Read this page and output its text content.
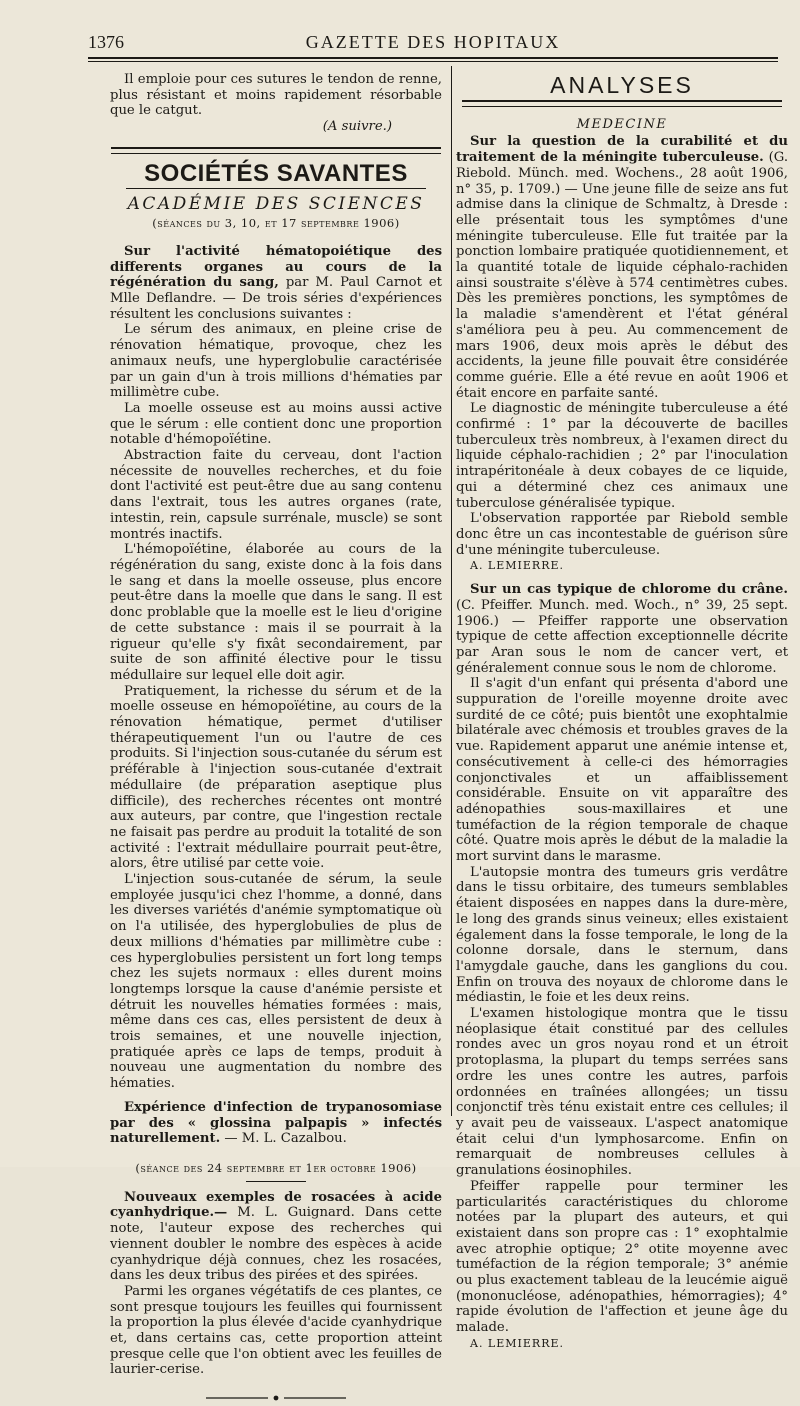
1376	GAZETTE DES HOPITAUX

Il emploie pour ces sutures le tendon de renne, plus résistant et moins rapidement résorbable que le catgut.

(A suivre.)

SOCIÉTÉS SAVANTES
ACADÉMIE DES SCIENCES
(séances du 3, 10, et 17 septembre 1906)

Sur l'activité hématopoiétique des differents organes au cours de la régénération du sang, par M. Paul Carnot et Mlle Deflandre. — De trois séries d'expériences résultent les conclusions suivantes :

Le sérum des animaux, en pleine crise de rénovation hématique, provoque, chez les animaux neufs, une hyperglobulie caractérisée par un gain d'un à trois millions d'hématies par millimètre cube.

La moelle osseuse est au moins aussi active que le sérum : elle contient donc une proportion notable d'hémopoïétine.

Abstraction faite du cerveau, dont l'action nécessite de nouvelles recherches, et du foie dont l'activité est peut-être due au sang contenu dans l'extrait, tous les autres organes (rate, intestin, rein, capsule surrénale, muscle) se sont montrés inactifs.

L'hémopoïétine, élaborée au cours de la régénération du sang, existe donc à la fois dans le sang et dans la moelle osseuse, plus encore peut-être dans la moelle que dans le sang. Il est donc problable que la moelle est le lieu d'origine de cette substance : mais il se pourrait à la rigueur qu'elle s'y fixât secondairement, par suite de son affinité élective pour le tissu médullaire sur lequel elle doit agir.

Pratiquement, la richesse du sérum et de la moelle osseuse en hémopoïétine, au cours de la rénovation hématique, permet d'utiliser thérapeutiquement l'un ou l'autre de ces produits. Si l'injection sous-cutanée du sérum est préférable à l'injection sous-cutanée d'extrait médullaire (de préparation aseptique plus difficile), des recherches récentes ont montré aux auteurs, par contre, que l'ingestion rectale ne faisait pas perdre au produit la totalité de son activité : l'extrait médullaire pourrait peut-être, alors, être utilisé par cette voie.

L'injection sous-cutanée de sérum, la seule employée jusqu'ici chez l'homme, a donné, dans les diverses variétés d'anémie symptomatique où on l'a utilisée, des hyperglobulies de plus de deux millions d'hématies par millimètre cube : ces hyperglobulies persistent un fort long temps chez les sujets normaux : elles durent moins longtemps lorsque la cause d'anémie persiste et détruit les nouvelles hématies formées : mais, même dans ces cas, elles persistent de deux à trois semaines, et une nouvelle injection, pratiquée après ce laps de temps, produit à nouveau une augmentation du nombre des hématies.

Expérience d'infection de trypanosomiase par des « glossina palpapis » infectés naturellement. — M. L. Cazalbou.

(séance des 24 septembre et 1er octobre 1906)

Nouveaux exemples de rosacées à acide cyanhydrique.— M. L. Guignard. Dans cette note, l'auteur expose des recherches qui viennent doubler le nombre des espèces à acide cyanhydrique déjà connues, chez les rosacées, dans les deux tribus des pirées et des spirées.

Parmi les organes végétatifs de ces plantes, ce sont presque toujours les feuilles qui fournissent la proportion la plus élevée d'acide cyanhydrique et, dans certains cas, cette proportion atteint presque celle que l'on obtient avec les feuilles de laurier-cerise.

ANALYSES
MEDECINE

Sur la question de la curabilité et du traitement de la méningite tuberculeuse. (G. Riebold. Münch. med. Wochens., 28 août 1906, n° 35, p. 1709.) — Une jeune fille de seize ans fut admise dans la clinique de Schmaltz, à Dresde : elle présentait tous les symptômes d'une méningite tuberculeuse. Elle fut traitée par la ponction lombaire pratiquée quotidiennement, et la quantité totale de liquide céphalo-rachiden ainsi soustraite s'élève à 574 centimètres cubes. Dès les premières ponctions, les symptômes de la maladie s'amendèrent et l'état général s'améliora peu à peu. Au commencement de mars 1906, deux mois après le début des accidents, la jeune fille pouvait être considérée comme guérie. Elle a été revue en août 1906 et était encore en parfaite santé.

Le diagnostic de méningite tuberculeuse a été confirmé : 1° par la découverte de bacilles tuberculeux très nombreux, à l'examen direct du liquide céphalo-rachidien ; 2° par l'inoculation intrapéritonéale à deux cobayes de ce liquide, qui a déterminé chez ces animaux une tuberculose généralisée typique.

L'observation rapportée par Riebold semble donc être un cas incontestable de guérison sûre d'une méningite tuberculeuse.

A. LEMIERRE.

Sur un cas typique de chlorome du crâne. (C. Pfeiffer. Munch. med. Woch., n° 39, 25 sept. 1906.) — Pfeiffer rapporte une observation typique de cette affection exceptionnelle décrite par Aran sous le nom de cancer vert, et généralement connue sous le nom de chlorome.

Il s'agit d'un enfant qui présenta d'abord une suppuration de l'oreille moyenne droite avec surdité de ce côté; puis bientôt une exophtalmie bilatérale avec chémosis et troubles graves de la vue. Rapidement apparut une anémie intense et, consécutivement à celle-ci des hémorragies conjonctivales et un affaiblissement considérable. Ensuite on vit apparaître des adénopathies sous-maxillaires et une tuméfaction de la région temporale de chaque côté. Quatre mois après le début de la maladie la mort survint dans le marasme.

L'autopsie montra des tumeurs gris verdâtre dans le tissu orbitaire, des tumeurs semblables étaient disposées en nappes dans la dure-mère, le long des grands sinus veineux; elles existaient également dans la fosse temporale, le long de la colonne dorsale, dans le sternum, dans l'amygdale gauche, dans les ganglions du cou. Enfin on trouva des noyaux de chlorome dans le médiastin, le foie et les deux reins.

L'examen histologique montra que le tissu néoplasique était constitué par des cellules rondes avec un gros noyau rond et un étroit protoplasma, la plupart du temps serrées sans ordre les unes contre les autres, parfois ordonnées en traînées allongées; un tissu conjonctif très ténu existait entre ces cellules; il y avait peu de vaisseaux. L'aspect anatomique était celui d'un lymphosarcome. Enfin on remarquait de nombreuses cellules à granulations éosinophiles.

Pfeiffer rappelle pour terminer les particularités caractéristiques du chlorome notées par la plupart des auteurs, et qui existaient dans son propre cas : 1° exophtalmie avec atrophie optique; 2° otite moyenne avec tuméfaction de la région temporale; 3° anémie ou plus exactement tableau de la leucémie aiguë (mononucléose, adénopathies, hémorragies); 4° rapide évolution de l'affection et jeune âge du malade.

A. LEMIERRE.
